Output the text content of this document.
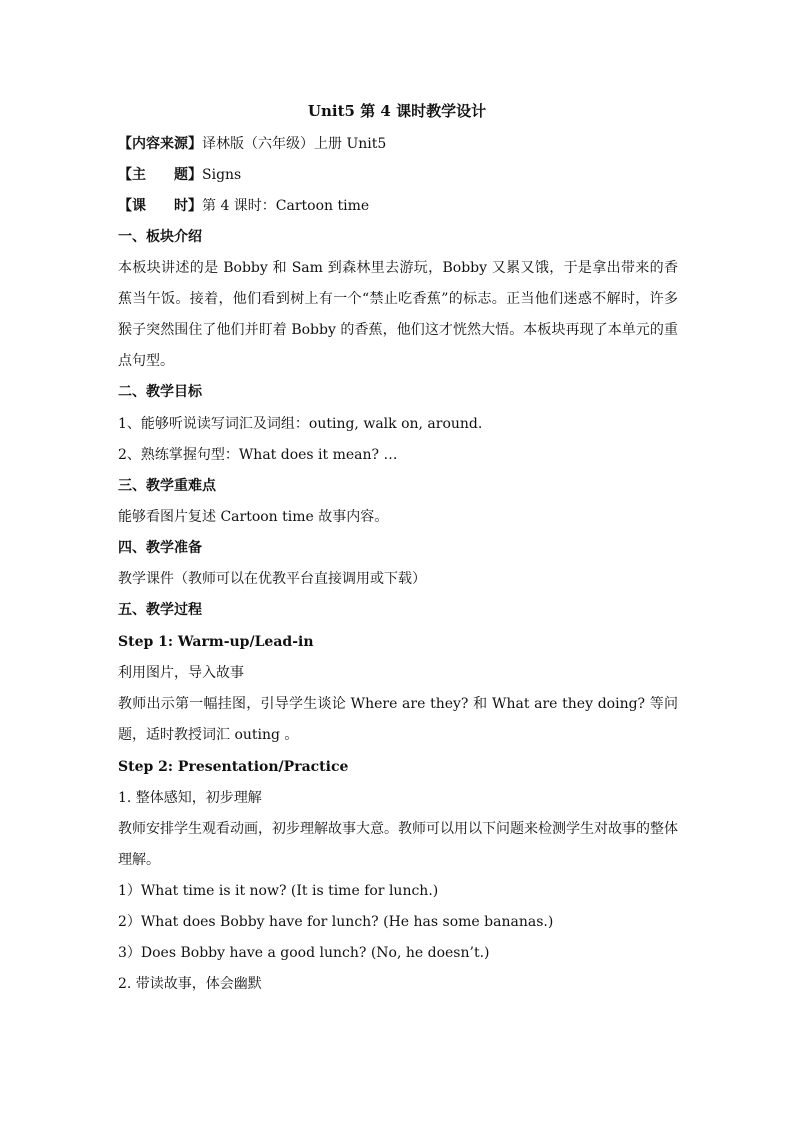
Unit5 第 4 课时教学设计
【内容来源】译林版（六年级）上册 Unit5
【主　　题】Signs
【课　　时】第 4 课时：Cartoon time
一、板块介绍
本板块讲述的是 Bobby 和 Sam 到森林里去游玩，Bobby 又累又饿，于是拿出带来的香蕉当午饭。接着，他们看到树上有一个“禁止吃香蕉”的标志。正当他们迷惑不解时，许多猴子突然围住了他们并盯着 Bobby 的香蕉，他们这才恍然大悟。本板块再现了本单元的重点句型。
二、教学目标
1、能够听说读写词汇及词组：outing, walk on, around.
2、熟练掌握句型：What does it mean? …
三、教学重难点
能够看图片复述 Cartoon time 故事内容。
四、教学准备
教学课件（教师可以在优教平台直接调用或下载）
五、教学过程
Step 1: Warm-up/Lead-in
利用图片，导入故事
教师出示第一幅挂图，引导学生谈论 Where are they? 和 What are they doing? 等问题，适时教授词汇 outing 。
Step 2: Presentation/Practice
1. 整体感知，初步理解
教师安排学生观看动画，初步理解故事大意。教师可以用以下问题来检测学生对故事的整体理解。
1）What time is it now? (It is time for lunch.)
2）What does Bobby have for lunch? (He has some bananas.)
3）Does Bobby have a good lunch? (No, he doesn’t.)
2. 带读故事，体会幽默
